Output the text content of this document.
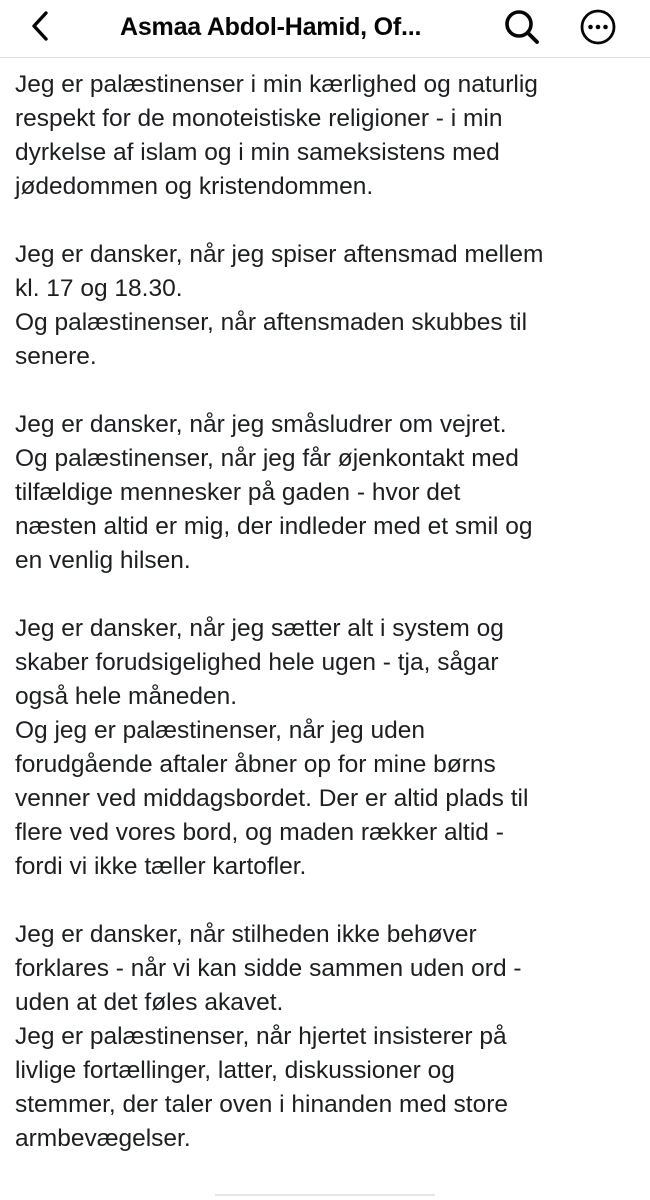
Asmaa Abdol-Hamid, Of...
Jeg er palæstinenser i min kærlighed og naturlig
respekt for de monoteistiske religioner - i min
dyrkelse af islam og i min sameksistens med
jødedommen og kristendommen.
Jeg er dansker, når jeg spiser aftensmad mellem
kl. 17 og 18.30.
Og palæstinenser, når aftensmaden skubbes til
senere.
Jeg er dansker, når jeg småsludrer om vejret.
Og palæstinenser, når jeg får øjenkontakt med
tilfældige mennesker på gaden - hvor det
næsten altid er mig, der indleder med et smil og
en venlig hilsen.
Jeg er dansker, når jeg sætter alt i system og
skaber forudsigelighed hele ugen - tja, sågar
også hele måneden.
Og jeg er palæstinenser, når jeg uden
forudgående aftaler åbner op for mine børns
venner ved middagsbordet. Der er altid plads til
flere ved vores bord, og maden rækker altid -
fordi vi ikke tæller kartofler.
Jeg er dansker, når stilheden ikke behøver
forklares - når vi kan sidde sammen uden ord -
uden at det føles akavet.
Jeg er palæstinenser, når hjertet insisterer på
livlige fortællinger, latter, diskussioner og
stemmer, der taler oven i hinanden med store
armbevægelser.
